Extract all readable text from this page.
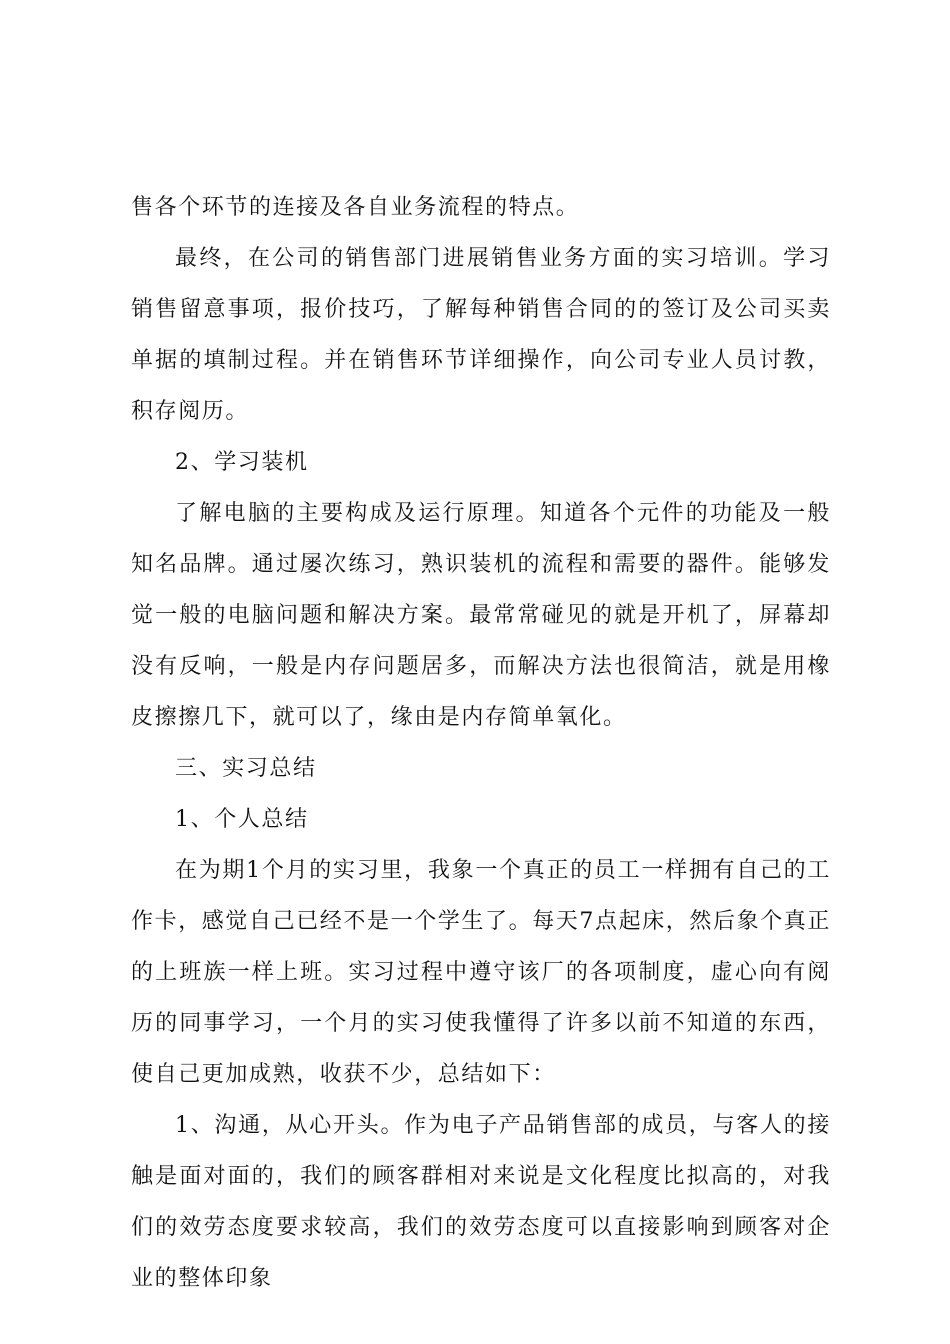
售各个环节的连接及各自业务流程的特点。

最终，在公司的销售部门进展销售业务方面的实习培训。学习销售留意事项，报价技巧，了解每种销售合同的的签订及公司买卖单据的填制过程。并在销售环节详细操作，向公司专业人员讨教，积存阅历。

2、学习装机

了解电脑的主要构成及运行原理。知道各个元件的功能及一般知名品牌。通过屡次练习，熟识装机的流程和需要的器件。能够发觉一般的电脑问题和解决方案。最常常碰见的就是开机了，屏幕却没有反响，一般是内存问题居多，而解决方法也很简洁，就是用橡皮擦擦几下，就可以了，缘由是内存简单氧化。

三、实习总结

1、个人总结

在为期1个月的实习里，我象一个真正的员工一样拥有自己的工作卡，感觉自己已经不是一个学生了。每天7点起床，然后象个真正的上班族一样上班。实习过程中遵守该厂的各项制度，虚心向有阅历的同事学习，一个月的实习使我懂得了许多以前不知道的东西，使自己更加成熟，收获不少，总结如下：

1、沟通，从心开头。作为电子产品销售部的成员，与客人的接触是面对面的，我们的顾客群相对来说是文化程度比拟高的，对我们的效劳态度要求较高，我们的效劳态度可以直接影响到顾客对企业的整体印象
